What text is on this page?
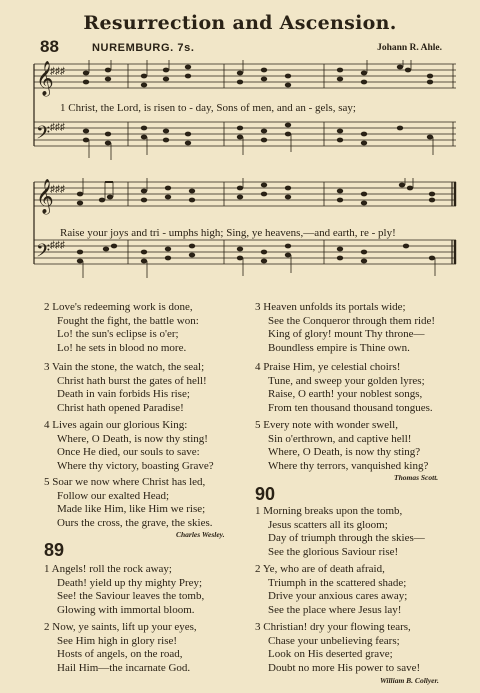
Resurrection and Ascension.
88	NUREMBURG. 7s.	Johann R. Ahle.
𝄞
𝄢
♯♯♯
♯♯♯
1 Christ, the Lord, is risen to - day, Sons of men, and an - gels, say;
𝄞
𝄢
♯♯♯
♯♯♯
Raise your joys and tri - umphs high; Sing, ye heavens,—and earth, re - ply!
2 Love's redeeming work is done,
Fought the fight, the battle won:
Lo! the sun's eclipse is o'er;
Lo! he sets in blood no more.
3 Vain the stone, the watch, the seal;
Christ hath burst the gates of hell!
Death in vain forbids His rise;
Christ hath opened Paradise!
4 Lives again our glorious King:
Where, O Death, is now thy sting!
Once He died, our souls to save:
Where thy victory, boasting Grave?
5 Soar we now where Christ has led,
Follow our exalted Head;
Made like Him, like Him we rise;
Ours the cross, the grave, the skies.
Charles Wesley.
89
1 Angels! roll the rock away;
Death! yield up thy mighty Prey;
See! the Saviour leaves the tomb,
Glowing with immortal bloom.
2 Now, ye saints, lift up your eyes,
See Him high in glory rise!
Hosts of angels, on the road,
Hail Him—the incarnate God.
3 Heaven unfolds its portals wide;
See the Conqueror through them ride!
King of glory! mount Thy throne—
Boundless empire is Thine own.
4 Praise Him, ye celestial choirs!
Tune, and sweep your golden lyres;
Raise, O earth! your noblest songs,
From ten thousand thousand tongues.
5 Every note with wonder swell,
Sin o'erthrown, and captive hell!
Where, O Death, is now thy sting?
Where thy terrors, vanquished king?
Thomas Scott.
90
1 Morning breaks upon the tomb,
Jesus scatters all its gloom;
Day of triumph through the skies—
See the glorious Saviour rise!
2 Ye, who are of death afraid,
Triumph in the scattered shade;
Drive your anxious cares away;
See the place where Jesus lay!
3 Christian! dry your flowing tears,
Chase your unbelieving fears;
Look on His deserted grave;
Doubt no more His power to save!
William B. Collyer.
